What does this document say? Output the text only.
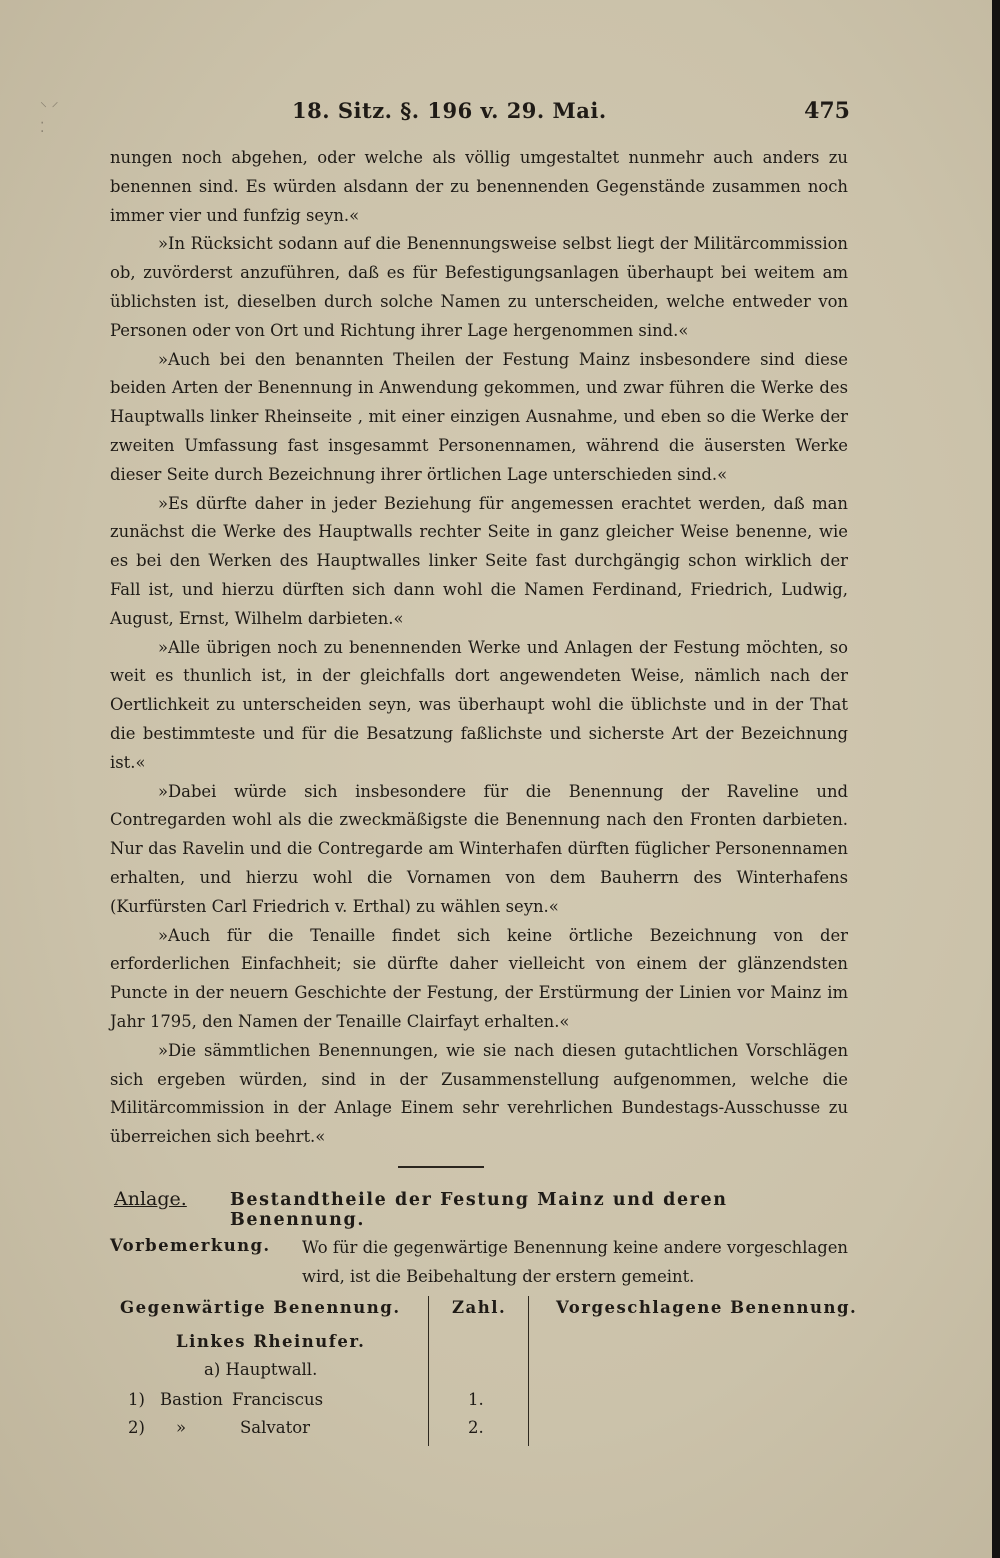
⸌ ⸍
⁚
18. Sitz. §. 196 v. 29. Mai.	475

nungen noch abgehen, oder welche als völlig umgestaltet nunmehr auch anders zu benennen sind. Es würden alsdann der zu benennenden Gegenstände zusammen noch immer vier und funfzig seyn.«

»In Rücksicht sodann auf die Benennungsweise selbst liegt der Militärcommission ob, zuvörderst anzuführen, daß es für Befestigungsanlagen überhaupt bei weitem am üblichsten ist, dieselben durch solche Namen zu unterscheiden, welche entweder von Personen oder von Ort und Richtung ihrer Lage hergenommen sind.«

»Auch bei den benannten Theilen der Festung Mainz insbesondere sind diese beiden Arten der Benennung in Anwendung gekommen, und zwar führen die Werke des Hauptwalls linker Rheinseite , mit einer einzigen Ausnahme, und eben so die Werke der zweiten Umfassung fast insgesammt Personennamen, während die äusersten Werke dieser Seite durch Bezeichnung ihrer örtlichen Lage unterschieden sind.«

»Es dürfte daher in jeder Beziehung für angemessen erachtet werden, daß man zunächst die Werke des Hauptwalls rechter Seite in ganz gleicher Weise benenne, wie es bei den Werken des Hauptwalles linker Seite fast durchgängig schon wirklich der Fall ist, und hierzu dürften sich dann wohl die Namen Ferdinand, Friedrich, Ludwig, August, Ernst, Wilhelm darbieten.«

»Alle übrigen noch zu benennenden Werke und Anlagen der Festung möchten, so weit es thunlich ist, in der gleichfalls dort angewendeten Weise, nämlich nach der Oertlichkeit zu unterscheiden seyn, was überhaupt wohl die üblichste und in der That die bestimmteste und für die Besatzung faßlichste und sicherste Art der Bezeichnung ist.«

»Dabei würde sich insbesondere für die Benennung der Raveline und Contregarden wohl als die zweckmäßigste die Benennung nach den Fronten darbieten. Nur das Ravelin und die Contregarde am Winterhafen dürften füglicher Personennamen erhalten, und hierzu wohl die Vornamen von dem Bauherrn des Winterhafens (Kurfürsten Carl Friedrich v. Erthal) zu wählen seyn.«

»Auch für die Tenaille findet sich keine örtliche Bezeichnung von der erforderlichen Einfachheit; sie dürfte daher vielleicht von einem der glänzendsten Puncte in der neuern Geschichte der Festung, der Erstürmung der Linien vor Mainz im Jahr 1795, den Namen der Tenaille Clairfayt erhalten.«

»Die sämmtlichen Benennungen, wie sie nach diesen gutachtlichen Vorschlägen sich ergeben würden, sind in der Zusammenstellung aufgenommen, welche die Militärcommission in der Anlage Einem sehr verehrlichen Bundestags-Ausschusse zu überreichen sich beehrt.«

Anlage. Bestandtheile der Festung Mainz und deren Benennung.
Vorbemerkung. Wo für die gegenwärtige Benennung keine andere vorgeschlagen wird, ist die Beibehaltung der erstern gemeint.
Gegenwärtige Benennung.	Zahl.	Vorgeschlagene Benennung.
Linkes Rheinufer.
a) Hauptwall.
1) Bastion Franciscus	1.
2) »	Salvator	2.
